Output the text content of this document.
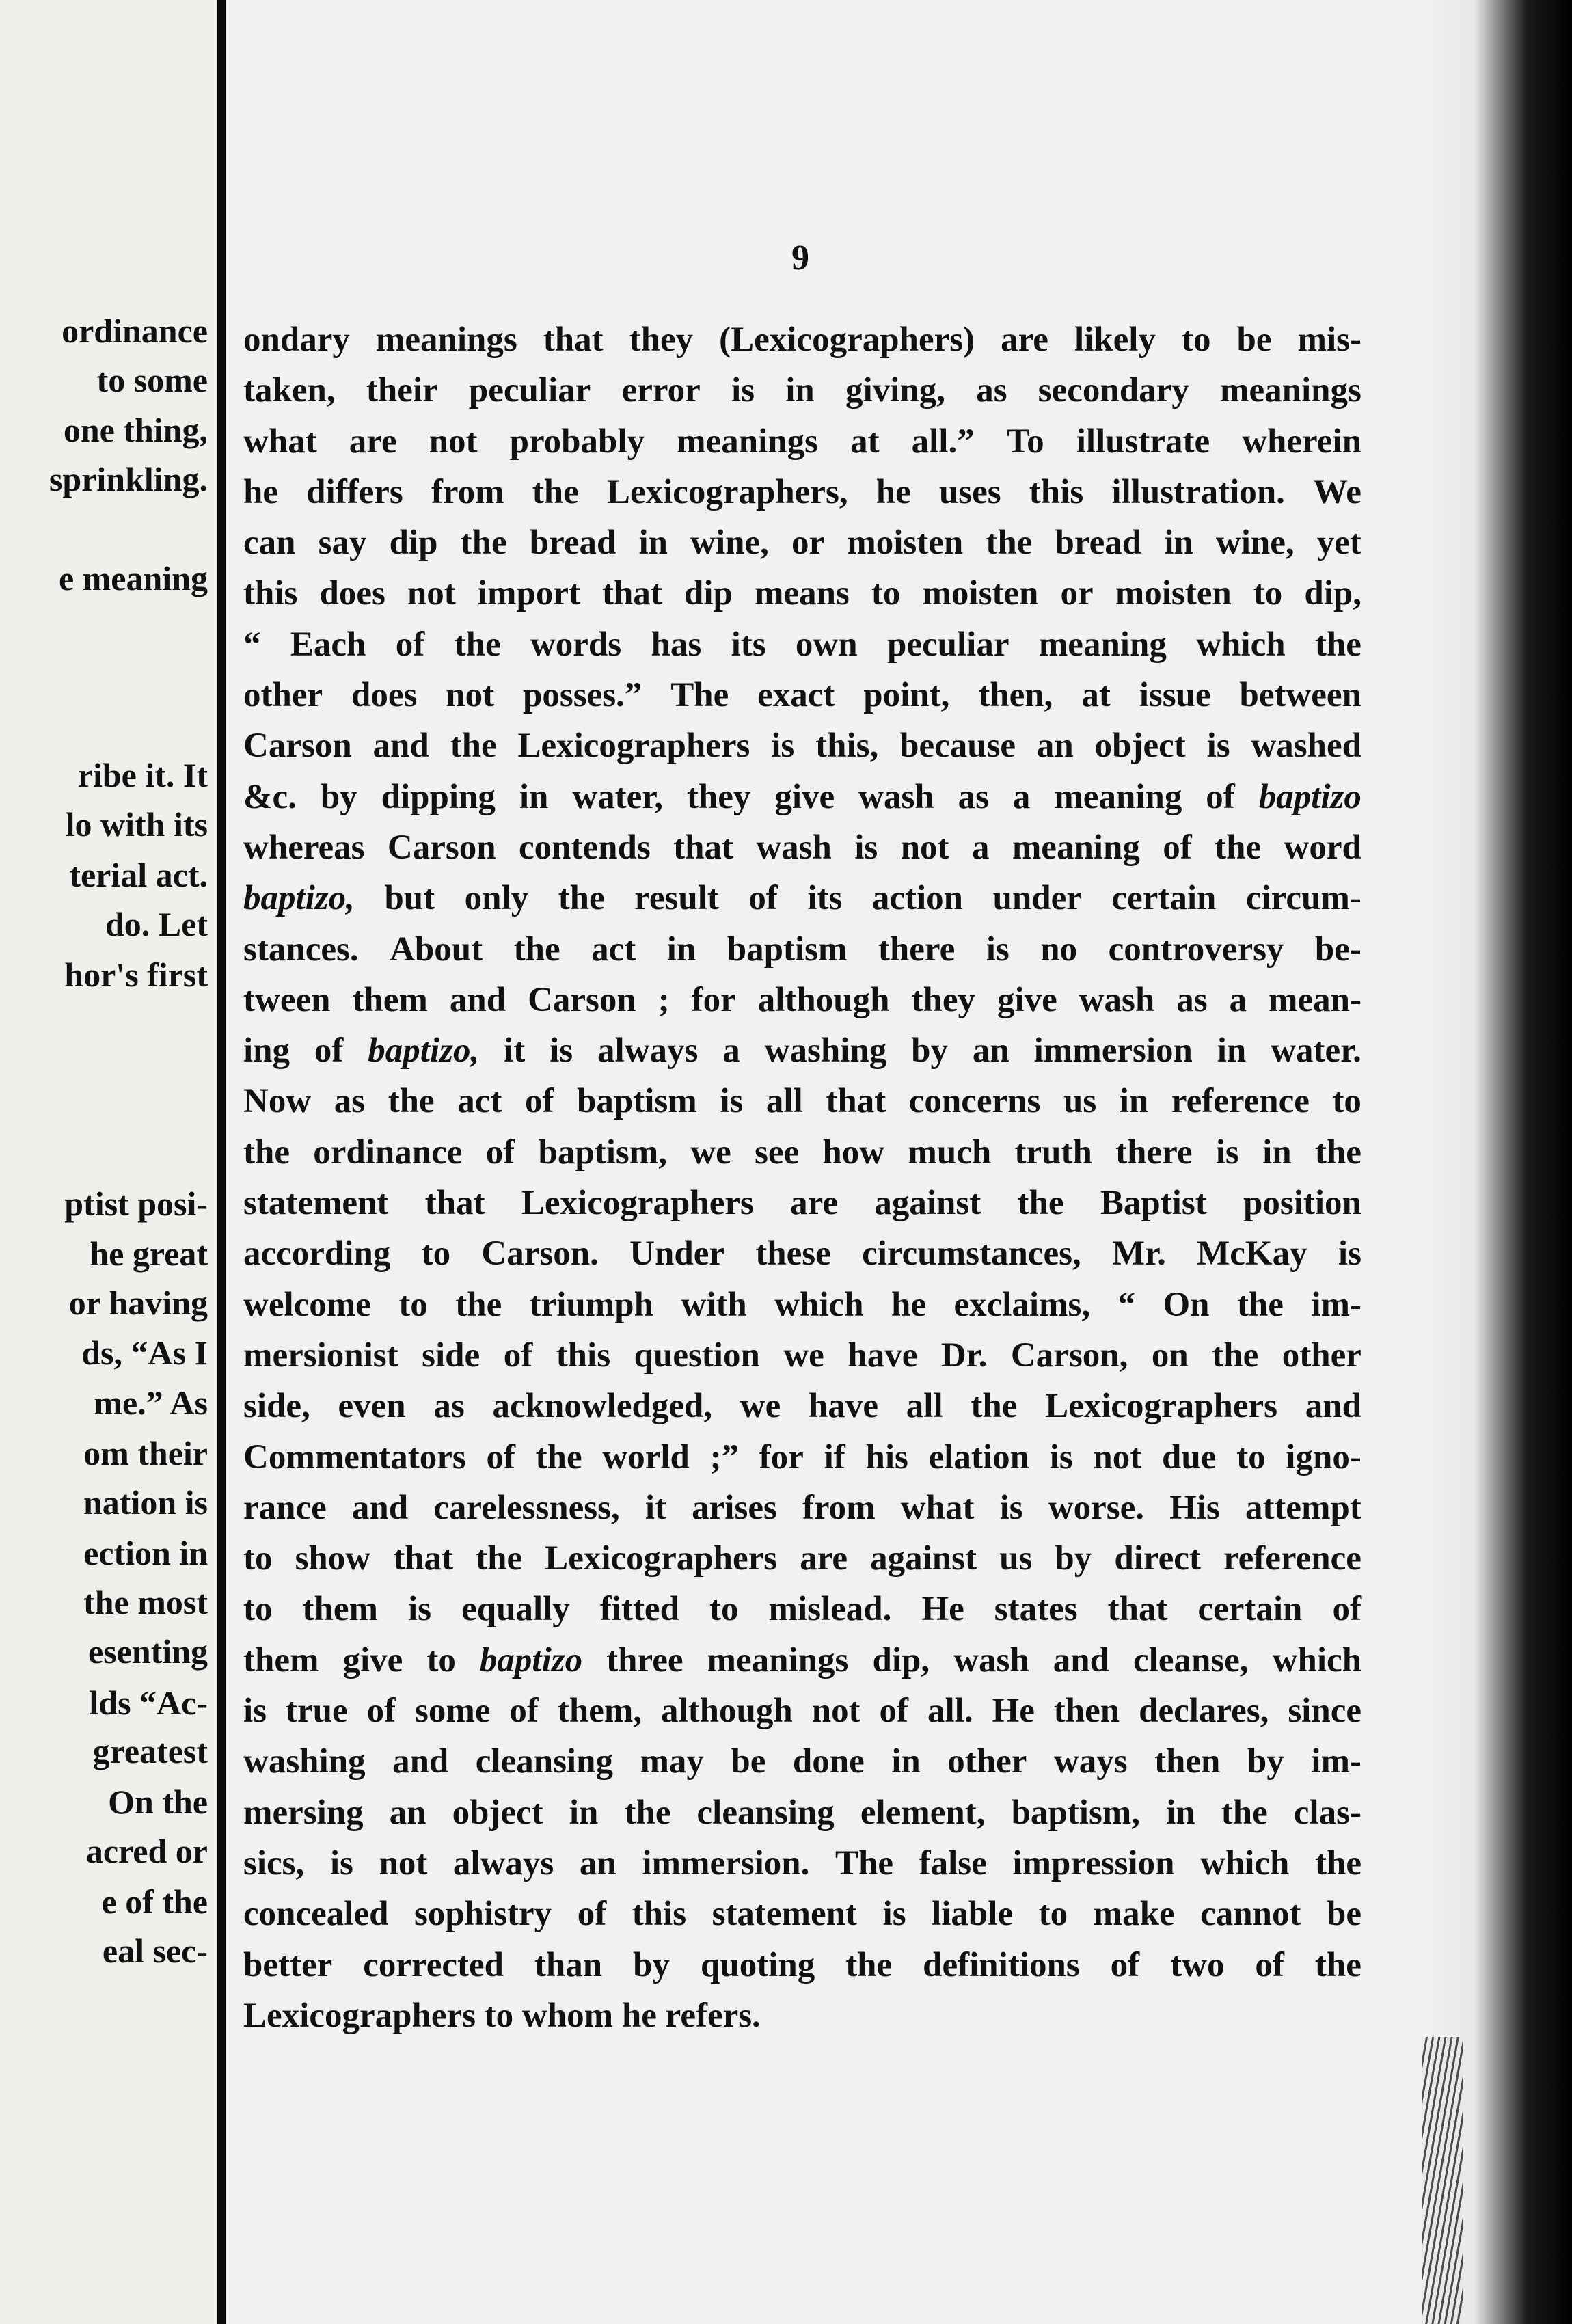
ordinance
to some
one thing,
sprinkling.
e meaning
ribe it. It
lo with its
terial act.
do. Let
hor's first
ptist posi-
he great
or having
ds, “As I
me.” As
om their
nation is
ection in
the most
esenting
lds “Ac-
greatest
On the
acred or
e of the
eal sec-
9
ondary meanings that they (Lexicographers) are likely to be mis-
taken, their peculiar error is in giving, as secondary meanings
what are not probably meanings at all.” To illustrate wherein
he differs from the Lexicographers, he uses this illustration. We
can say dip the bread in wine, or moisten the bread in wine, yet
this does not import that dip means to moisten or moisten to dip,
“ Each of the words has its own peculiar meaning which the
other does not posses.” The exact point, then, at issue between
Carson and the Lexicographers is this, because an object is washed
&c. by dipping in water, they give wash as a meaning of baptizo
whereas Carson contends that wash is not a meaning of the word
baptizo, but only the result of its action under certain circum-
stances. About the act in baptism there is no controversy be-
tween them and Carson ; for although they give wash as a mean-
ing of baptizo, it is always a washing by an immersion in water.
Now as the act of baptism is all that concerns us in reference to
the ordinance of baptism, we see how much truth there is in the
statement that Lexicographers are against the Baptist position
according to Carson. Under these circumstances, Mr. McKay is
welcome to the triumph with which he exclaims, “ On the im-
mersionist side of this question we have Dr. Carson, on the other
side, even as acknowledged, we have all the Lexicographers and
Commentators of the world ;” for if his elation is not due to igno-
rance and carelessness, it arises from what is worse. His attempt
to show that the Lexicographers are against us by direct reference
to them is equally fitted to mislead. He states that certain of
them give to baptizo three meanings dip, wash and cleanse, which
is true of some of them, although not of all. He then declares, since
washing and cleansing may be done in other ways then by im-
mersing an object in the cleansing element, baptism, in the clas-
sics, is not always an immersion. The false impression which the
concealed sophistry of this statement is liable to make cannot be
better corrected than by quoting the definitions of two of the
Lexicographers to whom he refers.
